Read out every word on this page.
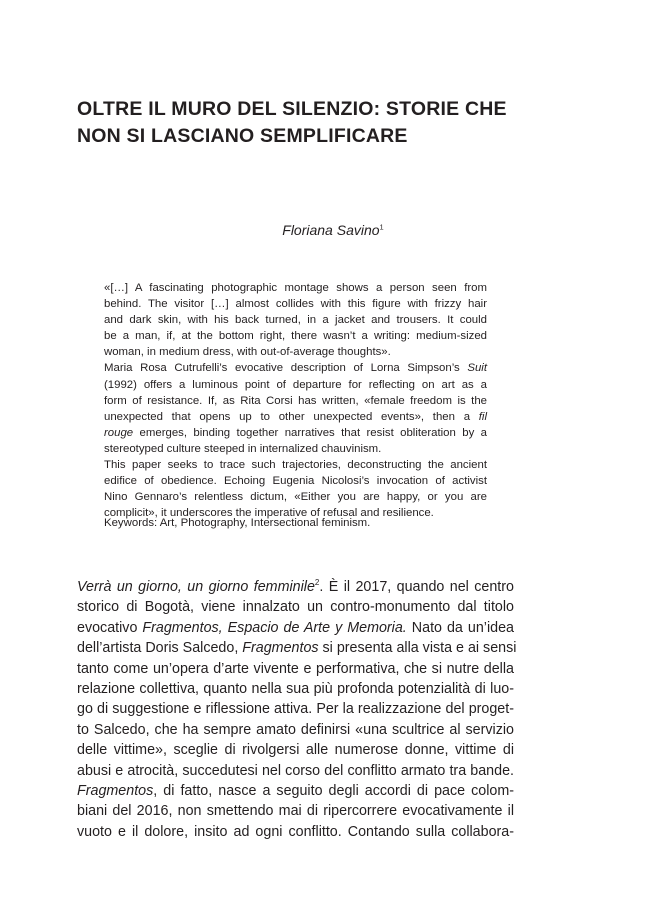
OLTRE IL MURO DEL SILENZIO: STORIE CHE
NON SI LASCIANO SEMPLIFICARE
Floriana Savino$^1$
«[…] A fascinating photographic montage shows a person seen from
behind. The visitor […] almost collides with this figure with frizzy hair
and dark skin, with his back turned, in a jacket and trousers. It could
be a man, if, at the bottom right, there wasn’t a writing: medium-sized
woman, in medium dress, with out-of-average thoughts».
Maria Rosa Cutrufelli’s evocative description of Lorna Simpson’s Suit
(1992) offers a luminous point of departure for reflecting on art as a
form of resistance. If, as Rita Corsi has written, «female freedom is the
unexpected that opens up to other unexpected events», then a fil
rouge emerges, binding together narratives that resist obliteration by a
stereotyped culture steeped in internalized chauvinism.
This paper seeks to trace such trajectories, deconstructing the ancient
edifice of obedience. Echoing Eugenia Nicolosi’s invocation of activist
Nino Gennaro’s relentless dictum, «Either you are happy, or you are
complicit», it underscores the imperative of refusal and resilience.
Keywords: Art, Photography, Intersectional feminism.
Verrà un giorno, un giorno femminile$^2$. È il 2017, quando nel centro
storico di Bogotà, viene innalzato un contro-monumento dal titolo
evocativo Fragmentos, Espacio de Arte y Memoria. Nato da un’idea
dell’artista Doris Salcedo, Fragmentos si presenta alla vista e ai sensi
tanto come un’opera d’arte vivente e performativa, che si nutre della
relazione collettiva, quanto nella sua più profonda potenzialità di luo-
go di suggestione e riflessione attiva. Per la realizzazione del proget-
to Salcedo, che ha sempre amato definirsi «una scultrice al servizio
delle vittime», sceglie di rivolgersi alle numerose donne, vittime di
abusi e atrocità, succedutesi nel corso del conflitto armato tra bande.
Fragmentos, di fatto, nasce a seguito degli accordi di pace colom-
biani del 2016, non smettendo mai di ripercorrere evocativamente il
vuoto e il dolore, insito ad ogni conflitto. Contando sulla collabora-
